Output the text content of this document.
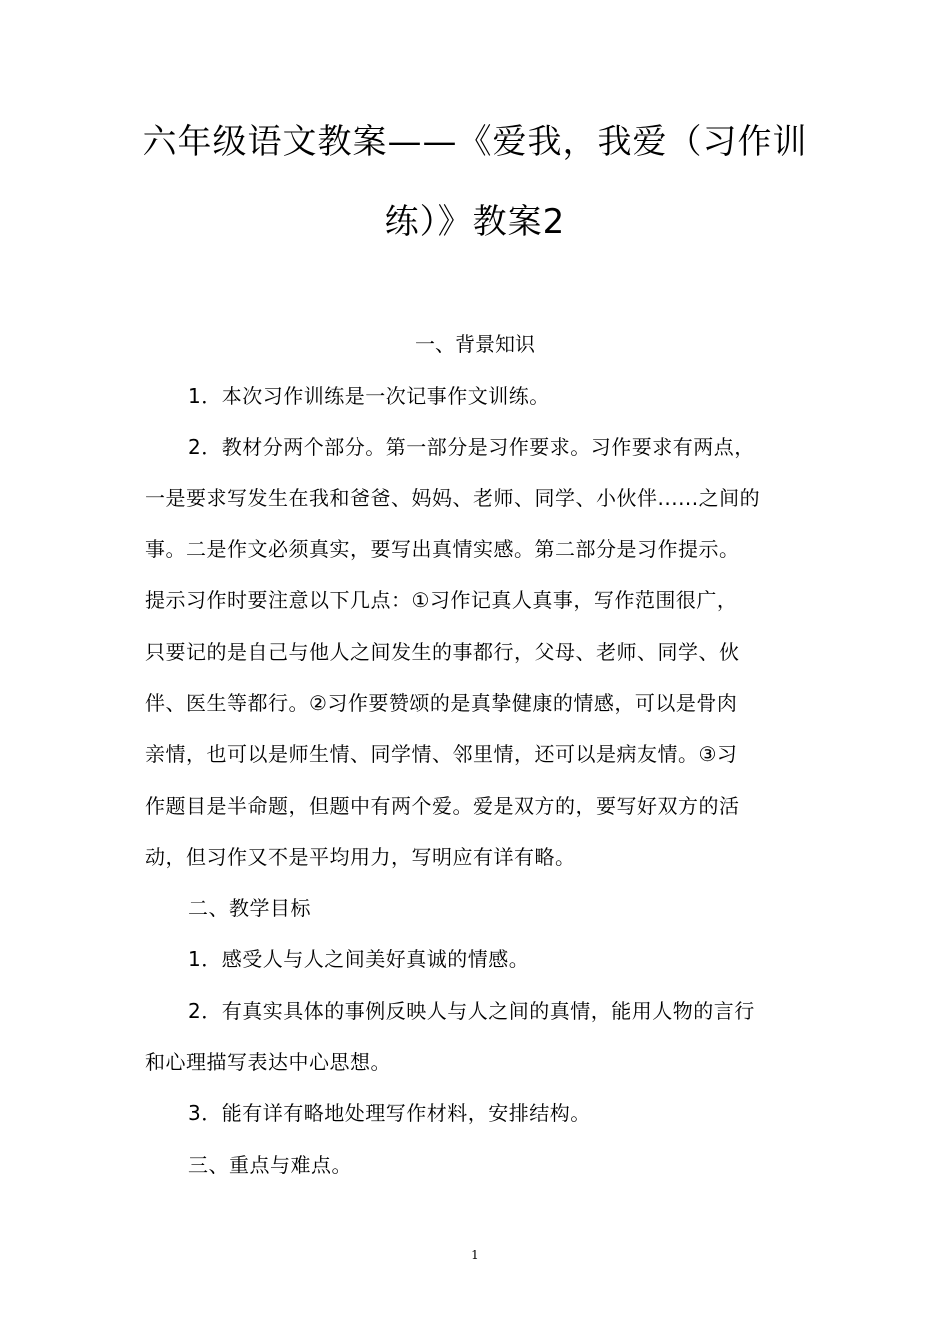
六年级语文教案——《爱我，我爱（习作训
练）》教案2
一、背景知识
1．本次习作训练是一次记事作文训练。
2．教材分两个部分。第一部分是习作要求。习作要求有两点，
一是要求写发生在我和爸爸、妈妈、老师、同学、小伙伴......之间的
事。二是作文必须真实，要写出真情实感。第二部分是习作提示。
提示习作时要注意以下几点：①习作记真人真事，写作范围很广，
只要记的是自己与他人之间发生的事都行，父母、老师、同学、伙
伴、医生等都行。②习作要赞颂的是真挚健康的情感，可以是骨肉
亲情，也可以是师生情、同学情、邻里情，还可以是病友情。③习
作题目是半命题，但题中有两个爱。爱是双方的，要写好双方的活
动，但习作又不是平均用力，写明应有详有略。
二、教学目标
1．感受人与人之间美好真诚的情感。
2．有真实具体的事例反映人与人之间的真情，能用人物的言行
和心理描写表达中心思想。
3．能有详有略地处理写作材料，安排结构。
三、重点与难点。
1
